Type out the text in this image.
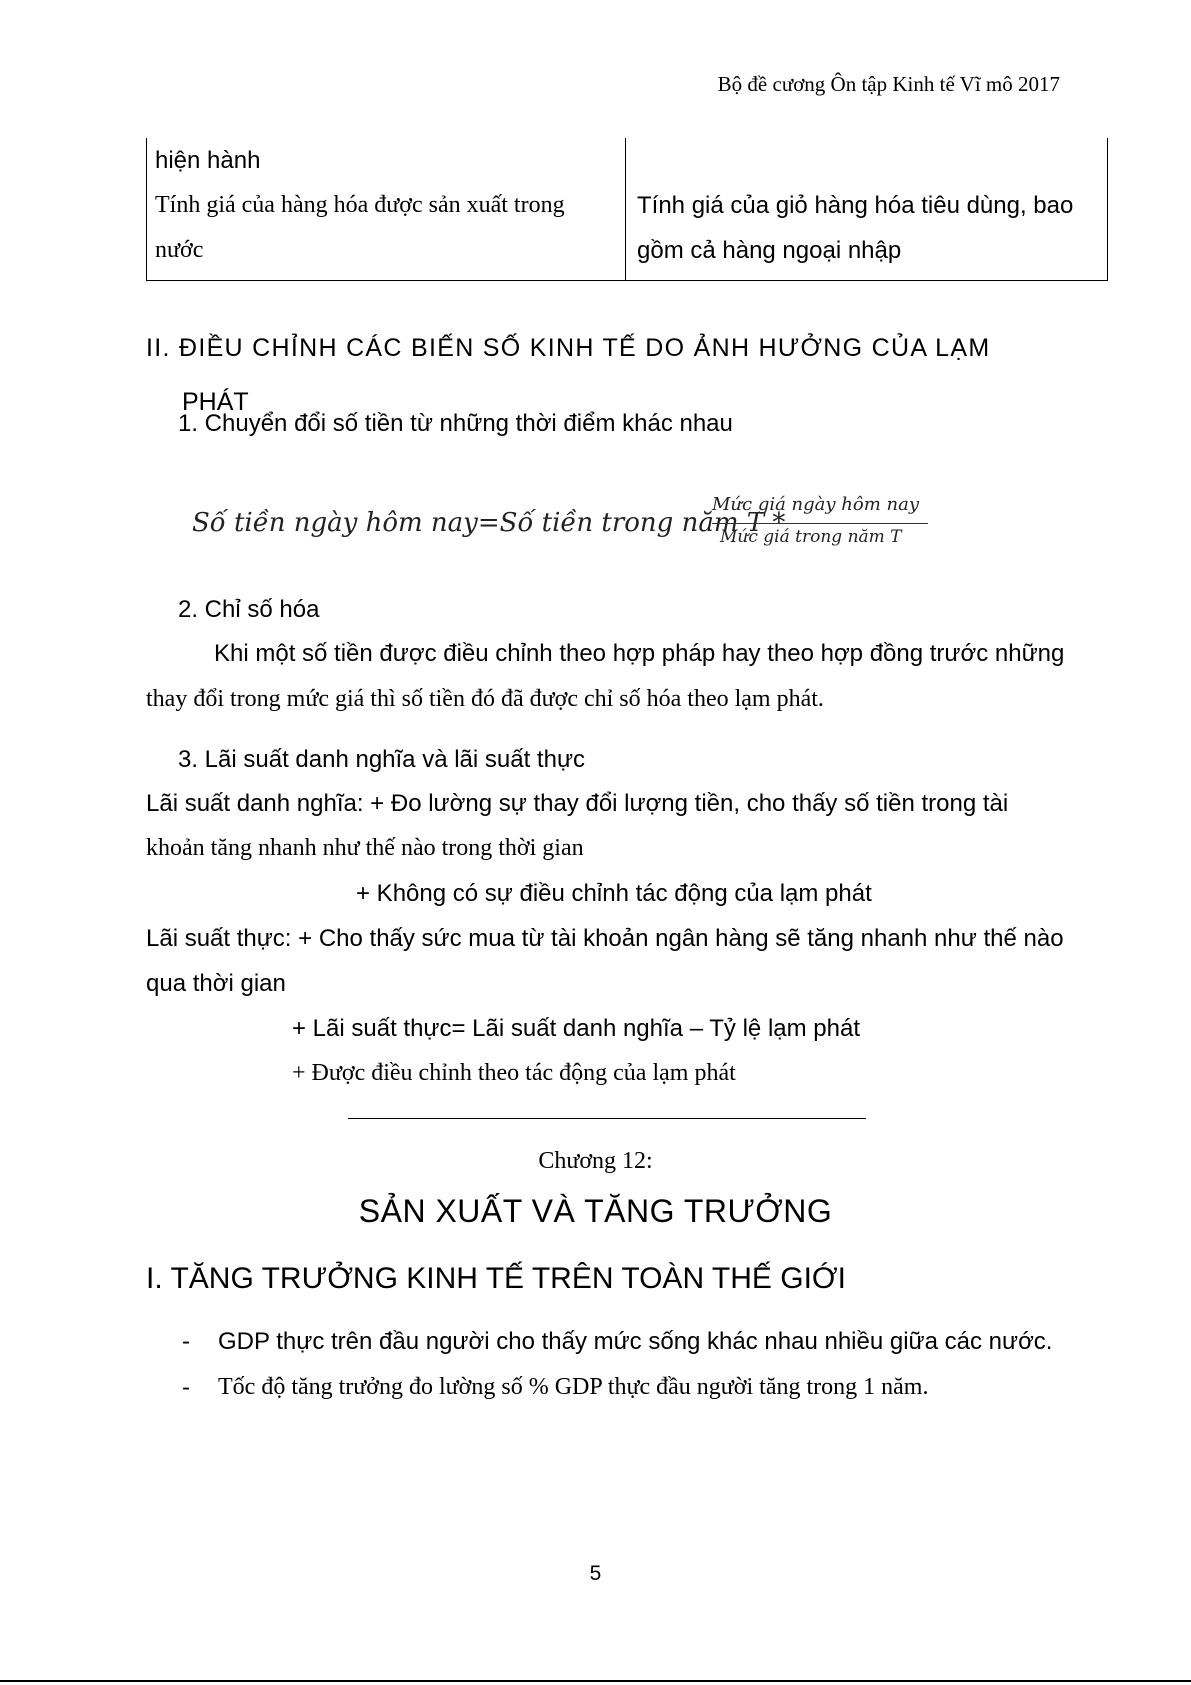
Bộ đề cương Ôn tập Kinh tế Vĩ mô 2017
hiện hành
Tính giá của hàng hóa được sản xuất trong
nước
Tính giá của giỏ hàng hóa tiêu dùng, bao
gồm cả hàng ngoại nhập
II. ĐIỀU CHỈNH CÁC BIẾN SỐ KINH TẾ DO ẢNH HƯỞNG CỦA LẠM
PHÁT
1. Chuyển đổi số tiền từ những thời điểm khác nhau
Số tiền ngày hôm nay=Số tiền trong năm T *
Mức giá ngày hôm nay
Mức giá trong năm T
2. Chỉ số hóa
Khi một số tiền được điều chỉnh theo hợp pháp hay theo hợp đồng trước những
thay đổi trong mức giá thì số tiền đó đã được chỉ số hóa theo lạm phát.
3. Lãi suất danh nghĩa và lãi suất thực
Lãi suất danh nghĩa: + Đo lường sự thay đổi lượng tiền, cho thấy số tiền trong tài
khoản tăng nhanh như thế nào trong thời gian
+ Không có sự điều chỉnh tác động của lạm phát
Lãi suất thực: + Cho thấy sức mua từ tài khoản ngân hàng sẽ tăng nhanh như thế nào
qua thời gian
+ Lãi suất thực= Lãi suất danh nghĩa – Tỷ lệ lạm phát
+ Được điều chỉnh theo tác động của lạm phát
Chương 12:
SẢN XUẤT VÀ TĂNG TRƯỞNG
I. TĂNG TRƯỞNG KINH TẾ TRÊN TOÀN THẾ GIỚI
- GDP thực trên đầu người cho thấy mức sống khác nhau nhiều giữa các nước.
- Tốc độ tăng trưởng đo lường số % GDP thực đầu người tăng trong 1 năm.
5
